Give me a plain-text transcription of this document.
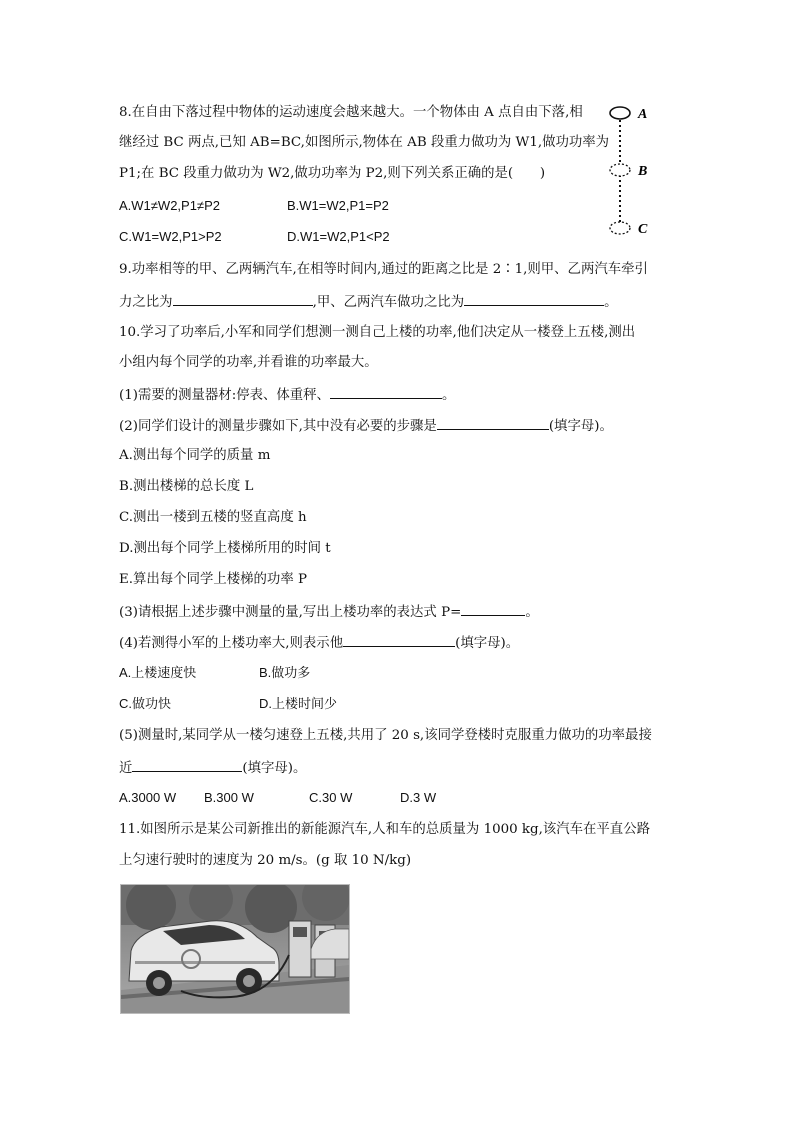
8.在自由下落过程中物体的运动速度会越来越大。一个物体由 A 点自由下落,相
继经过 BC 两点,已知 AB=BC,如图所示,物体在 AB 段重力做功为 W1,做功功率为
P1;在 BC 段重力做功为 W2,做功功率为 P2,则下列关系正确的是(　　)
A.W1≠W2,P1≠P2	B.W1=W2,P1=P2
C.W1=W2,P1>P2	D.W1=W2,P1<P2
A
B
C
9.功率相等的甲、乙两辆汽车,在相等时间内,通过的距离之比是 2∶1,则甲、乙两汽车牵引
力之比为	,甲、乙两汽车做功之比为	。
10.学习了功率后,小军和同学们想测一测自己上楼的功率,他们决定从一楼登上五楼,测出
小组内每个同学的功率,并看谁的功率最大。
(1)需要的测量器材:停表、体重秤、	。
(2)同学们设计的测量步骤如下,其中没有必要的步骤是	(填字母)。
A.测出每个同学的质量 m
B.测出楼梯的总长度 L
C.测出一楼到五楼的竖直高度 h
D.测出每个同学上楼梯所用的时间 t
E.算出每个同学上楼梯的功率 P
(3)请根据上述步骤中测量的量,写出上楼功率的表达式 P=	。
(4)若测得小军的上楼功率大,则表示他	(填字母)。
A.上楼速度快	B.做功多
C.做功快	D.上楼时间少
(5)测量时,某同学从一楼匀速登上五楼,共用了 20 s,该同学登楼时克服重力做功的功率最接
近	(填字母)。
A.3000 W B.300 W	C.30 W	D.3 W
11.如图所示是某公司新推出的新能源汽车,人和车的总质量为 1000 kg,该汽车在平直公路
上匀速行驶时的速度为 20 m/s。(g 取 10 N/kg)
